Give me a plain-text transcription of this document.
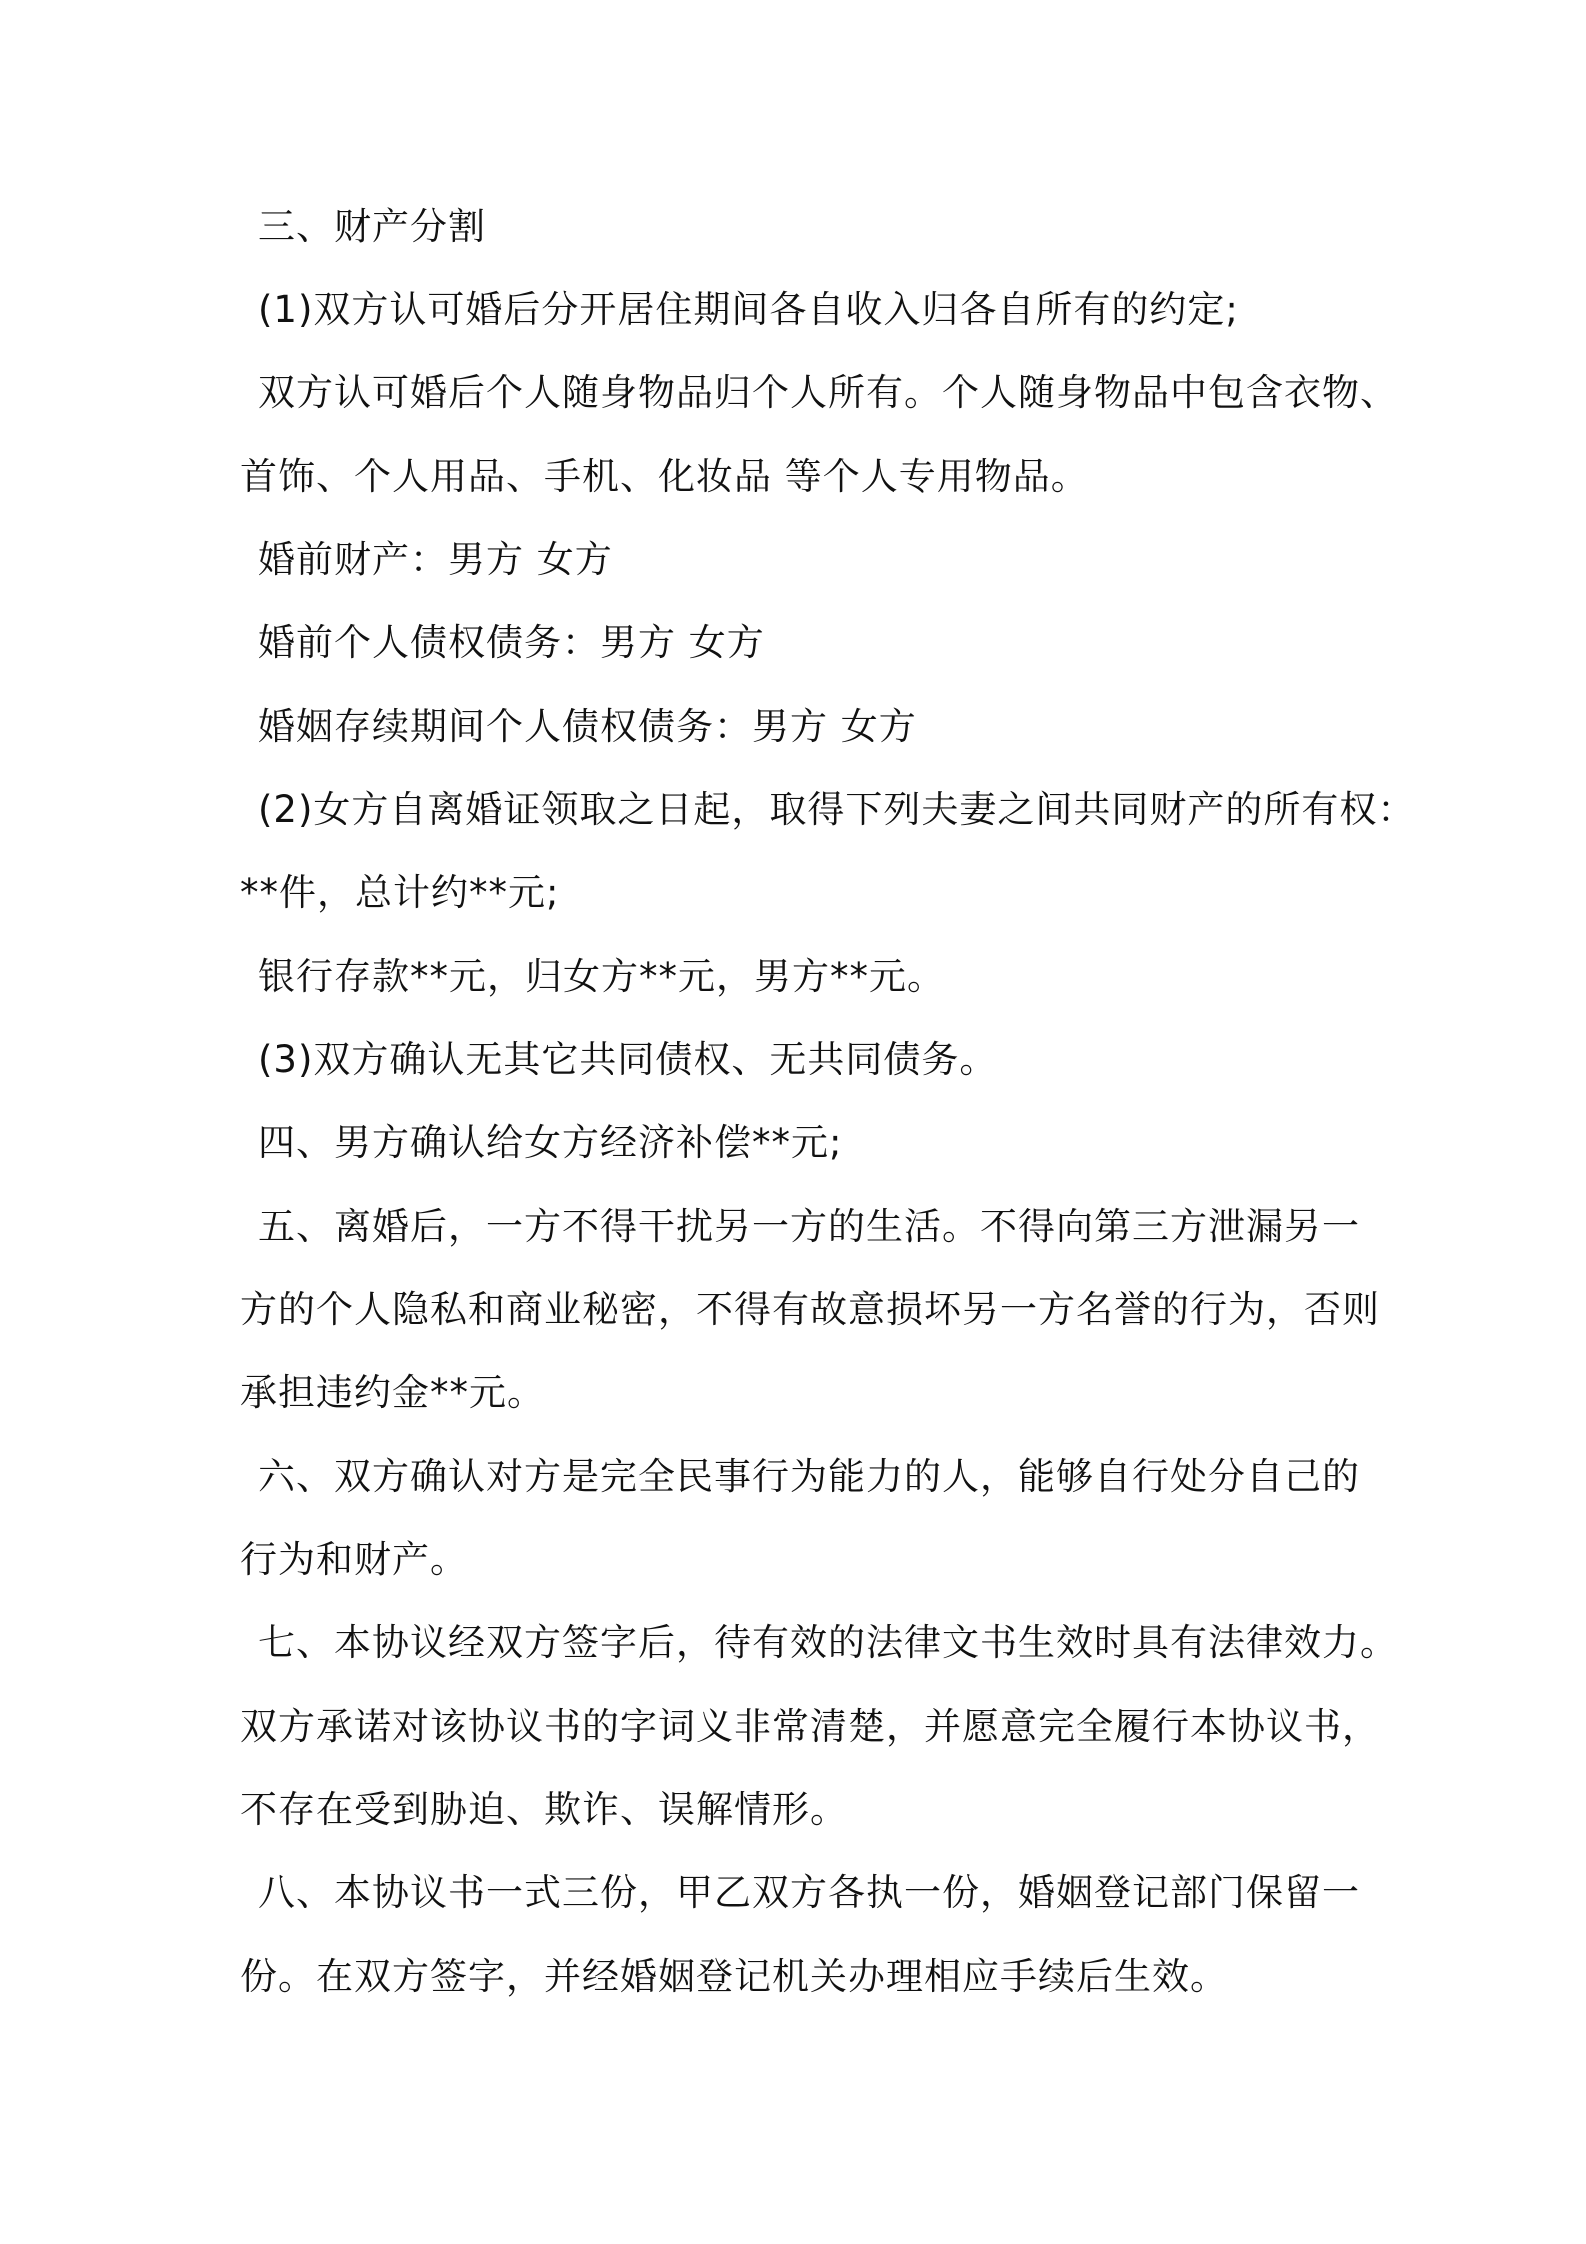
三、财产分割
(1)双方认可婚后分开居住期间各自收入归各自所有的约定;
双方认可婚后个人随身物品归个人所有。个人随身物品中包含衣物、
首饰、个人用品、手机、化妆品 等个人专用物品。
婚前财产：男方 女方
婚前个人债权债务：男方 女方
婚姻存续期间个人债权债务：男方 女方
(2)女方自离婚证领取之日起，取得下列夫妻之间共同财产的所有权：
**件，总计约**元;
银行存款**元，归女方**元，男方**元。
(3)双方确认无其它共同债权、无共同债务。
四、男方确认给女方经济补偿**元;
五、离婚后，一方不得干扰另一方的生活。不得向第三方泄漏另一
方的个人隐私和商业秘密，不得有故意损坏另一方名誉的行为，否则
承担违约金**元。
六、双方确认对方是完全民事行为能力的人，能够自行处分自己的
行为和财产。
七、本协议经双方签字后，待有效的法律文书生效时具有法律效力。
双方承诺对该协议书的字词义非常清楚，并愿意完全履行本协议书，
不存在受到胁迫、欺诈、误解情形。
八、本协议书一式三份，甲乙双方各执一份，婚姻登记部门保留一
份。在双方签字，并经婚姻登记机关办理相应手续后生效。
